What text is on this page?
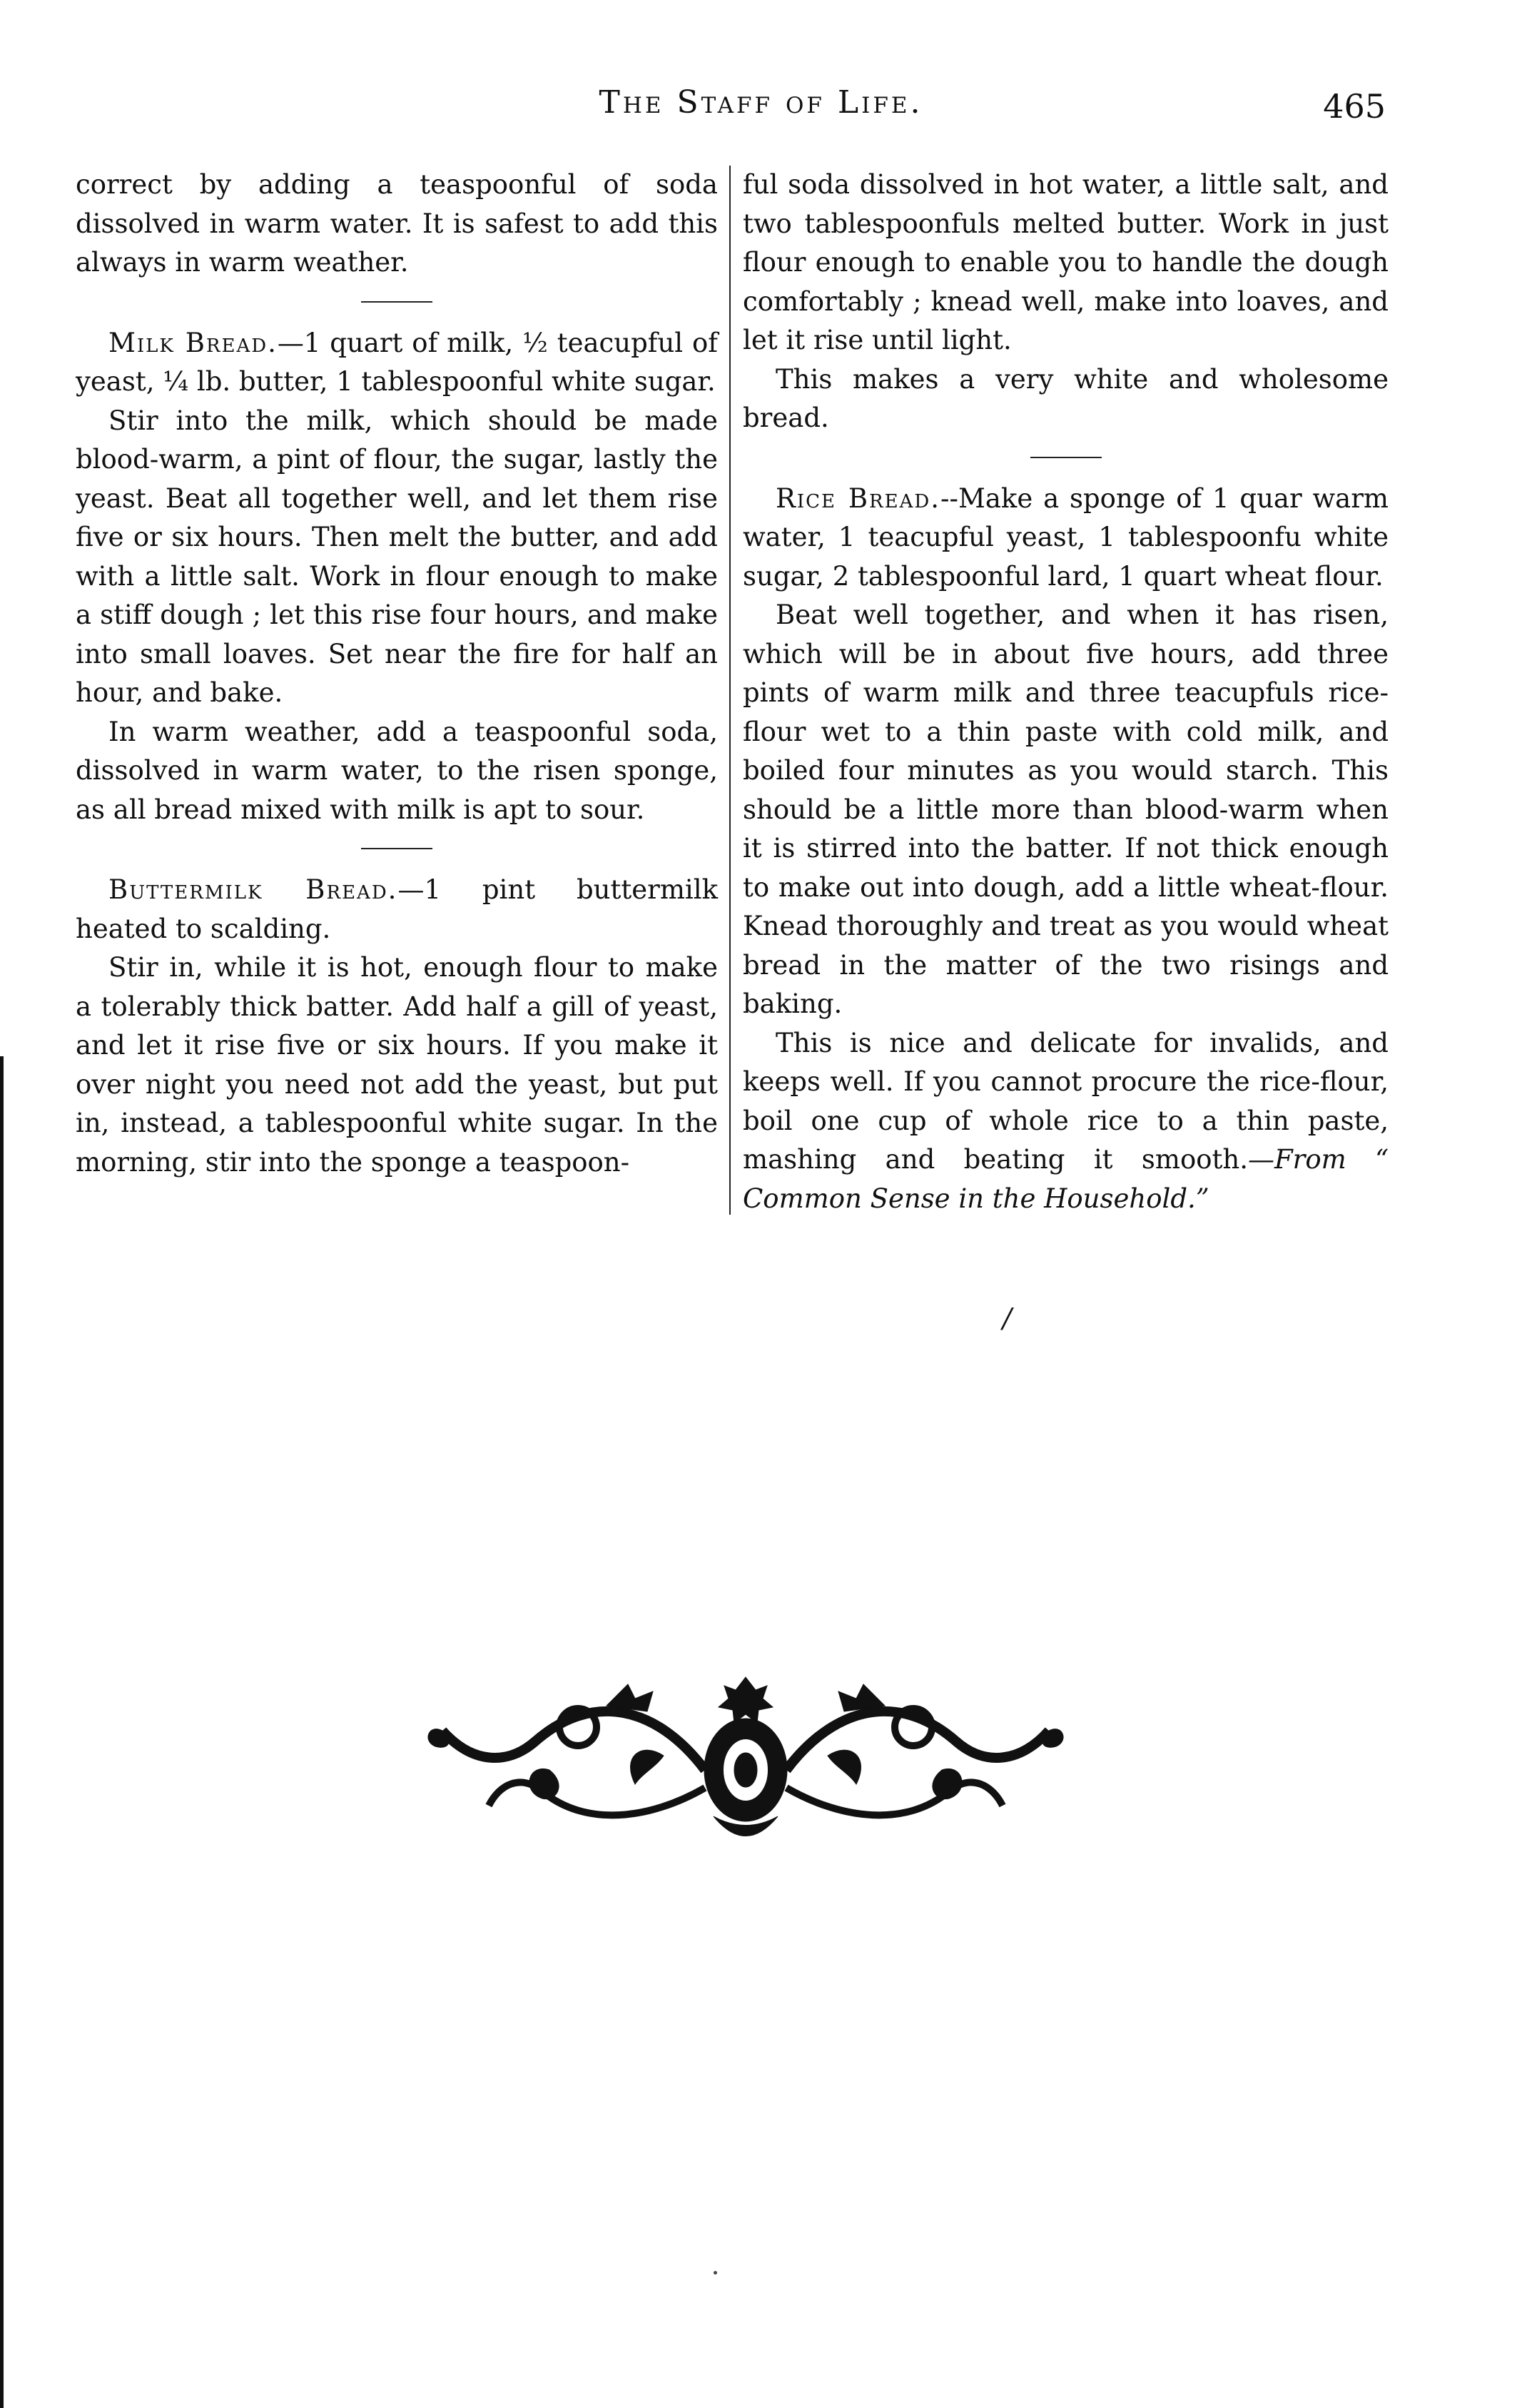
The Staff of Life.	465

correct by adding a teaspoonful of soda dissolved in warm water. It is safest to add this always in warm weather.

Milk Bread.—1 quart of milk, ½ teacupful of yeast, ¼ lb. butter, 1 tablespoonful white sugar.

Stir into the milk, which should be made blood-warm, a pint of flour, the sugar, lastly the yeast. Beat all together well, and let them rise five or six hours. Then melt the butter, and add with a little salt. Work in flour enough to make a stiff dough ; let this rise four hours, and make into small loaves. Set near the fire for half an hour, and bake.

In warm weather, add a teaspoonful soda, dissolved in warm water, to the risen sponge, as all bread mixed with milk is apt to sour.

Buttermilk Bread.—1 pint buttermilk heated to scalding.

Stir in, while it is hot, enough flour to make a tolerably thick batter. Add half a gill of yeast, and let it rise five or six hours. If you make it over night you need not add the yeast, but put in, instead, a tablespoonful white sugar. In the morning, stir into the sponge a teaspoon-

ful soda dissolved in hot water, a little salt, and two tablespoonfuls melted butter. Work in just flour enough to enable you to handle the dough comfortably ; knead well, make into loaves, and let it rise until light.

This makes a very white and wholesome bread.

Rice Bread.--Make a sponge of 1 quar warm water, 1 teacupful yeast, 1 tablespoonfu white sugar, 2 tablespoonful lard, 1 quart wheat flour.

Beat well together, and when it has risen, which will be in about five hours, add three pints of warm milk and three teacupfuls rice-flour wet to a thin paste with cold milk, and boiled four minutes as you would starch. This should be a little more than blood-warm when it is stirred into the batter. If not thick enough to make out into dough, add a little wheat-flour. Knead thoroughly and treat as you would wheat bread in the matter of the two risings and baking.

This is nice and delicate for invalids, and keeps well. If you cannot procure the rice-flour, boil one cup of whole rice to a thin paste, mashing and beating it smooth.—From “ Common Sense in the Household.”

/
